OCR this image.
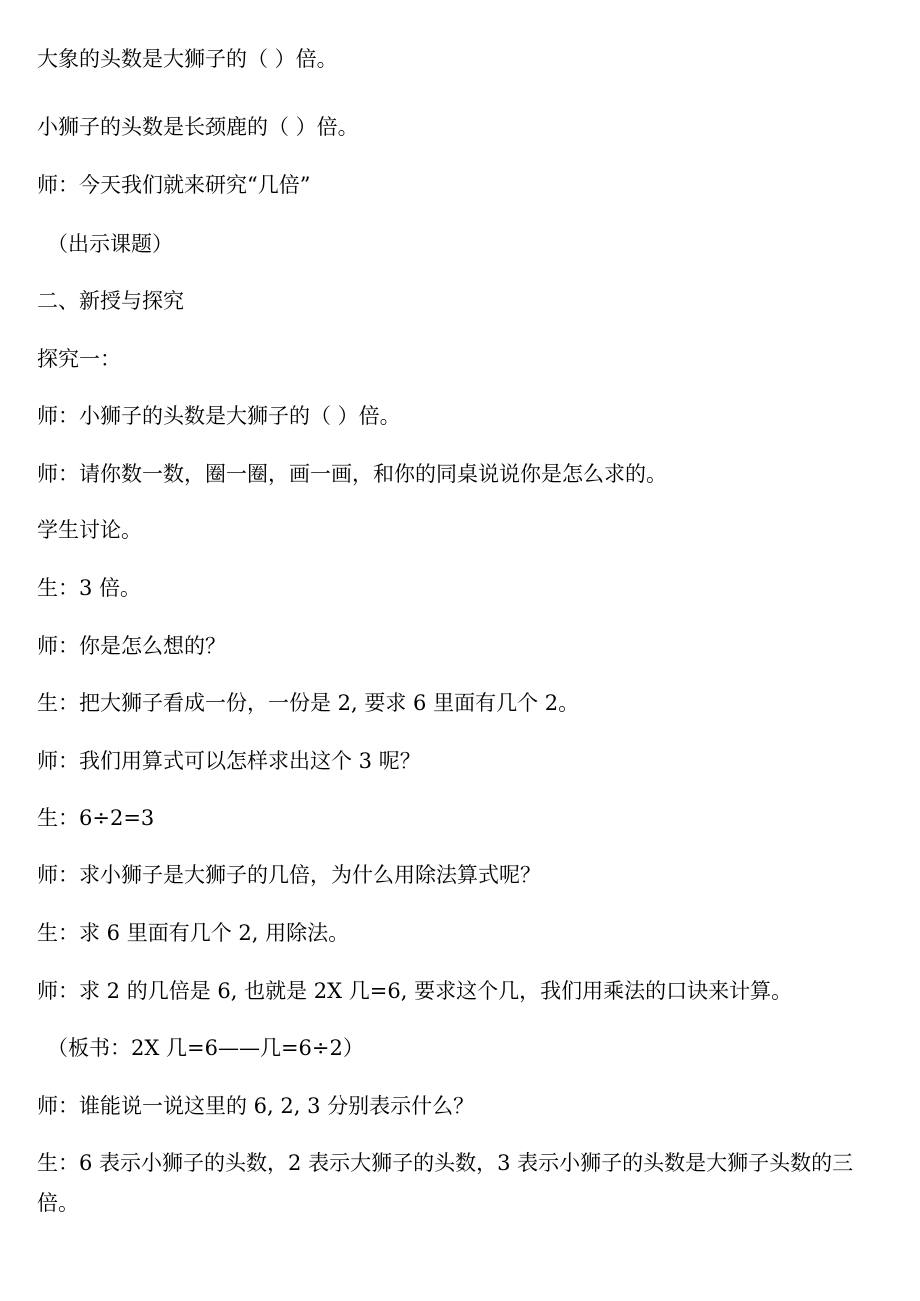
大象的头数是大狮子的（ ）倍。
小狮子的头数是长颈鹿的（ ）倍。
师：今天我们就来研究“几倍”
（出示课题）
二、新授与探究
探究一：
师：小狮子的头数是大狮子的（ ）倍。
师：请你数一数，圈一圈，画一画，和你的同桌说说你是怎么求的。
学生讨论。
生：3 倍。
师：你是怎么想的？
生：把大狮子看成一份，一份是 2, 要求 6 里面有几个 2。
师：我们用算式可以怎样求出这个 3 呢？
生：6÷2=3
师：求小狮子是大狮子的几倍，为什么用除法算式呢？
生：求 6 里面有几个 2, 用除法。
师：求 2 的几倍是 6, 也就是 2X 几=6, 要求这个几，我们用乘法的口诀来计算。
（板书：2X 几=6——几=6÷2）
师：谁能说一说这里的 6, 2, 3 分别表示什么？
生：6 表示小狮子的头数，2 表示大狮子的头数，3 表示小狮子的头数是大狮子头数的三倍。
